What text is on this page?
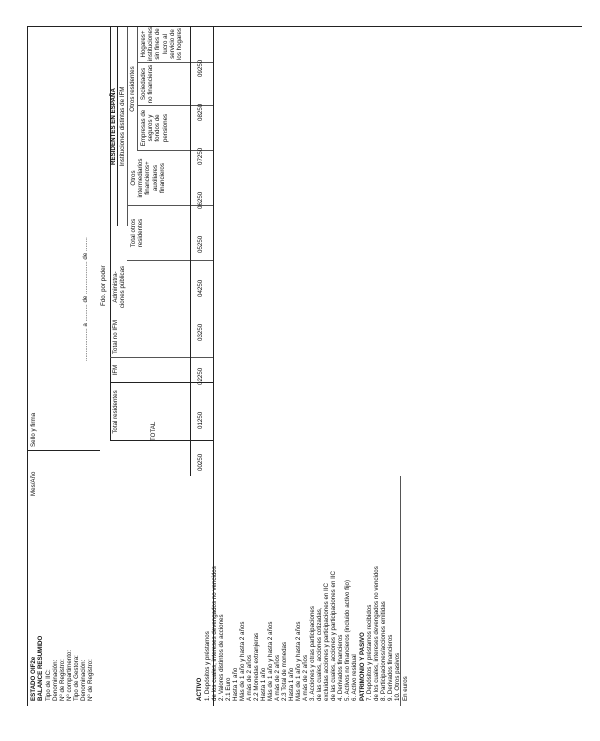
ESTADO OIF2e BALANCE RESUMIDO Tipo de IIC: Denominación: Nº de Registro: Nº compartimento: Tipo de Gestora: Denominación: Nº de Registro:
Mes/Año
Sello y firma
................... a .......... de ................... de ........ Fdo. por poder
Total residentes
IFM
Total no IFM
Administra-ciones públicas
RESIDENTES EN ESPAÑA Instituciones distintas de IFM Otros residentes
Total otros residentes
Otros intermediarios financieros+ auxiliares financieros
Empresas de seguros y fondos de pensiones
Sociedades no financieras
Hogares+ instituciones sin fines de lucro al servicio de los hogares
TOTAL
00250
01250
02250
03250
04250
05250
06250
07250
08250
09250
ACTIVO 1. Depósitos y préstamos de los cuales, intereses devengados no vencidos 2. Valores distintos de acciones 2.1 Euro Hasta 1 año Más de 1 año y hasta 2 años A más de 2 años 2.2 Monedas extranjeras Hasta 1 año Más de 1 año y hasta 2 años A más de 2 años 2.3 Total de monedas Hasta 1 año Más de 1 año y hasta 2 años A más de 2 años 3. Acciones y otras participaciones de las cuales, acciones cotizadas, excluidas acciones y participaciones en IIC de las cuales, acciones y participaciones en IIC 4. Derivados financieros 5. Activos no financieros (incluido activo fijo) 6. Activo residual PATRIMONIO Y PASIVO 7. Depósitos y préstamos recibidos de los cuales, intereses devengados no vencidos 8. Participaciones/acciones emitidas 9. Derivados financieros 10. Otros pasivos En euros
